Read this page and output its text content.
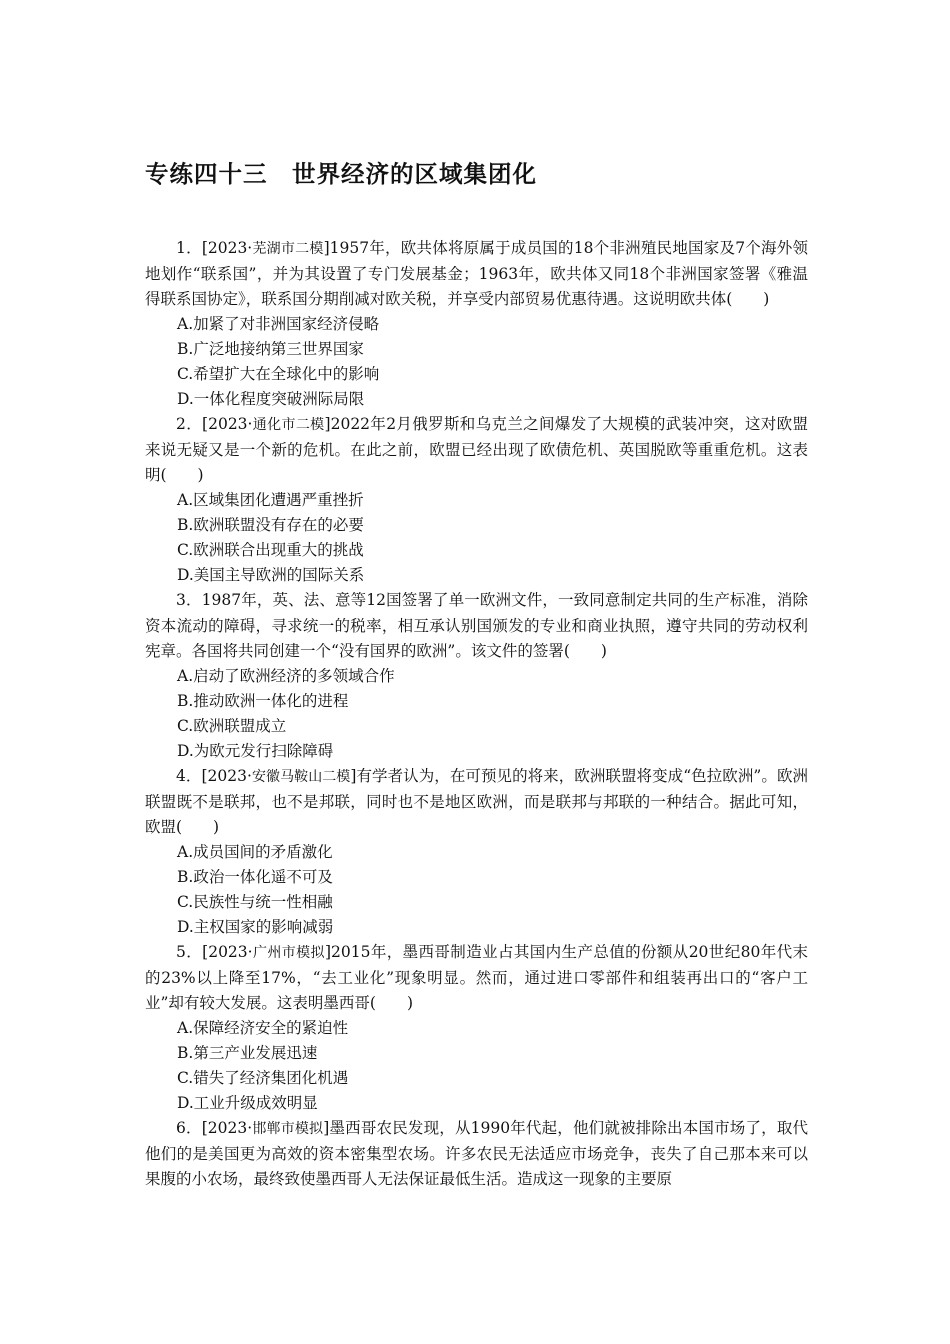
专练四十三　世界经济的区域集团化

1．[2023·芜湖市二模]1957年，欧共体将原属于成员国的18个非洲殖民地国家及7个海外领地划作“联系国”，并为其设置了专门发展基金；1963年，欧共体又同18个非洲国家签署《雅温得联系国协定》，联系国分期削减对欧关税，并享受内部贸易优惠待遇。这说明欧共体(　　)

A.加紧了对非洲国家经济侵略

B.广泛地接纳第三世界国家

C.希望扩大在全球化中的影响

D.一体化程度突破洲际局限

2．[2023·通化市二模]2022年2月俄罗斯和乌克兰之间爆发了大规模的武装冲突，这对欧盟来说无疑又是一个新的危机。在此之前，欧盟已经出现了欧债危机、英国脱欧等重重危机。这表明(　　)

A.区域集团化遭遇严重挫折

B.欧洲联盟没有存在的必要

C.欧洲联合出现重大的挑战

D.美国主导欧洲的国际关系

3．1987年，英、法、意等12国签署了单一欧洲文件，一致同意制定共同的生产标准，消除资本流动的障碍，寻求统一的税率，相互承认别国颁发的专业和商业执照，遵守共同的劳动权利宪章。各国将共同创建一个“没有国界的欧洲”。该文件的签署(　　)

A.启动了欧洲经济的多领域合作

B.推动欧洲一体化的进程

C.欧洲联盟成立

D.为欧元发行扫除障碍

4．[2023·安徽马鞍山二模]有学者认为，在可预见的将来，欧洲联盟将变成“色拉欧洲”。欧洲联盟既不是联邦，也不是邦联，同时也不是地区欧洲，而是联邦与邦联的一种结合。据此可知，欧盟(　　)

A.成员国间的矛盾激化

B.政治一体化遥不可及

C.民族性与统一性相融

D.主权国家的影响减弱

5．[2023·广州市模拟]2015年，墨西哥制造业占其国内生产总值的份额从20世纪80年代末的23%以上降至17%，“去工业化”现象明显。然而，通过进口零部件和组装再出口的“客户工业”却有较大发展。这表明墨西哥(　　)

A.保障经济安全的紧迫性

B.第三产业发展迅速

C.错失了经济集团化机遇

D.工业升级成效明显

6．[2023·邯郸市模拟]墨西哥农民发现，从1990年代起，他们就被排除出本国市场了，取代他们的是美国更为高效的资本密集型农场。许多农民无法适应市场竞争，丧失了自己那本来可以果腹的小农场，最终致使墨西哥人无法保证最低生活。造成这一现象的主要原
